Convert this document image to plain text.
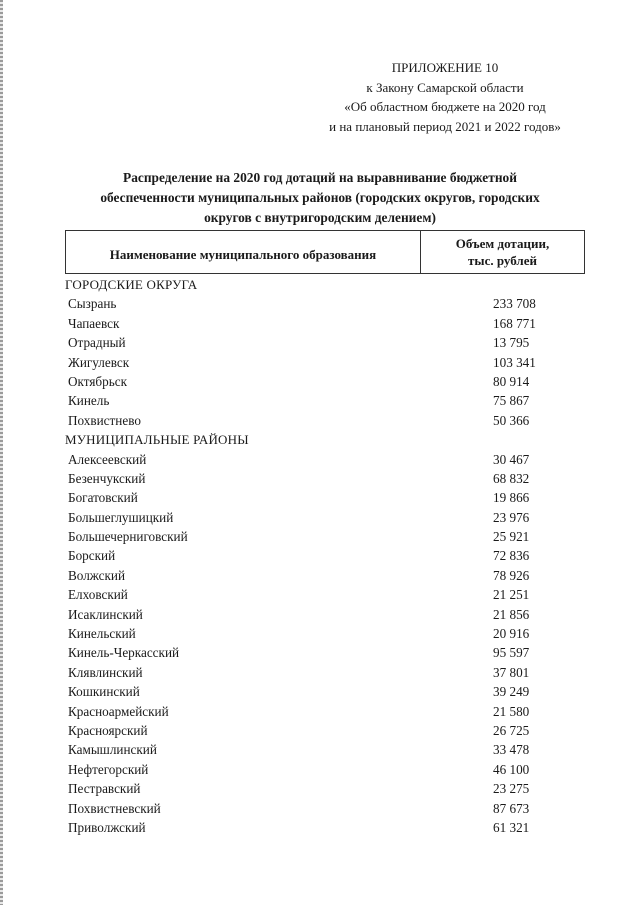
ПРИЛОЖЕНИЕ 10
к Закону Самарской области
«Об областном бюджете на 2020 год
и на плановый период 2021 и 2022 годов»
Распределение на 2020 год дотаций на выравнивание бюджетной
обеспеченности муниципальных районов (городских округов, городских
округов с внутригородским делением)
Наименование муниципального образования
Объем дотации,
тыс. рублей
ГОРОДСКИЕ ОКРУГА
Сызрань	233 708
Чапаевск	168 771
Отрадный	13 795
Жигулевск	103 341
Октябрьск	80 914
Кинель	75 867
Похвистнево	50 366
МУНИЦИПАЛЬНЫЕ РАЙОНЫ
Алексеевский	30 467
Безенчукский	68 832
Богатовский	19 866
Большеглушицкий	23 976
Большечерниговский	25 921
Борский	72 836
Волжский	78 926
Елховский	21 251
Исаклинский	21 856
Кинельский	20 916
Кинель-Черкасский	95 597
Клявлинский	37 801
Кошкинский	39 249
Красноармейский	21 580
Красноярский	26 725
Камышлинский	33 478
Нефтегорский	46 100
Пестравский	23 275
Похвистневский	87 673
Приволжский	61 321
